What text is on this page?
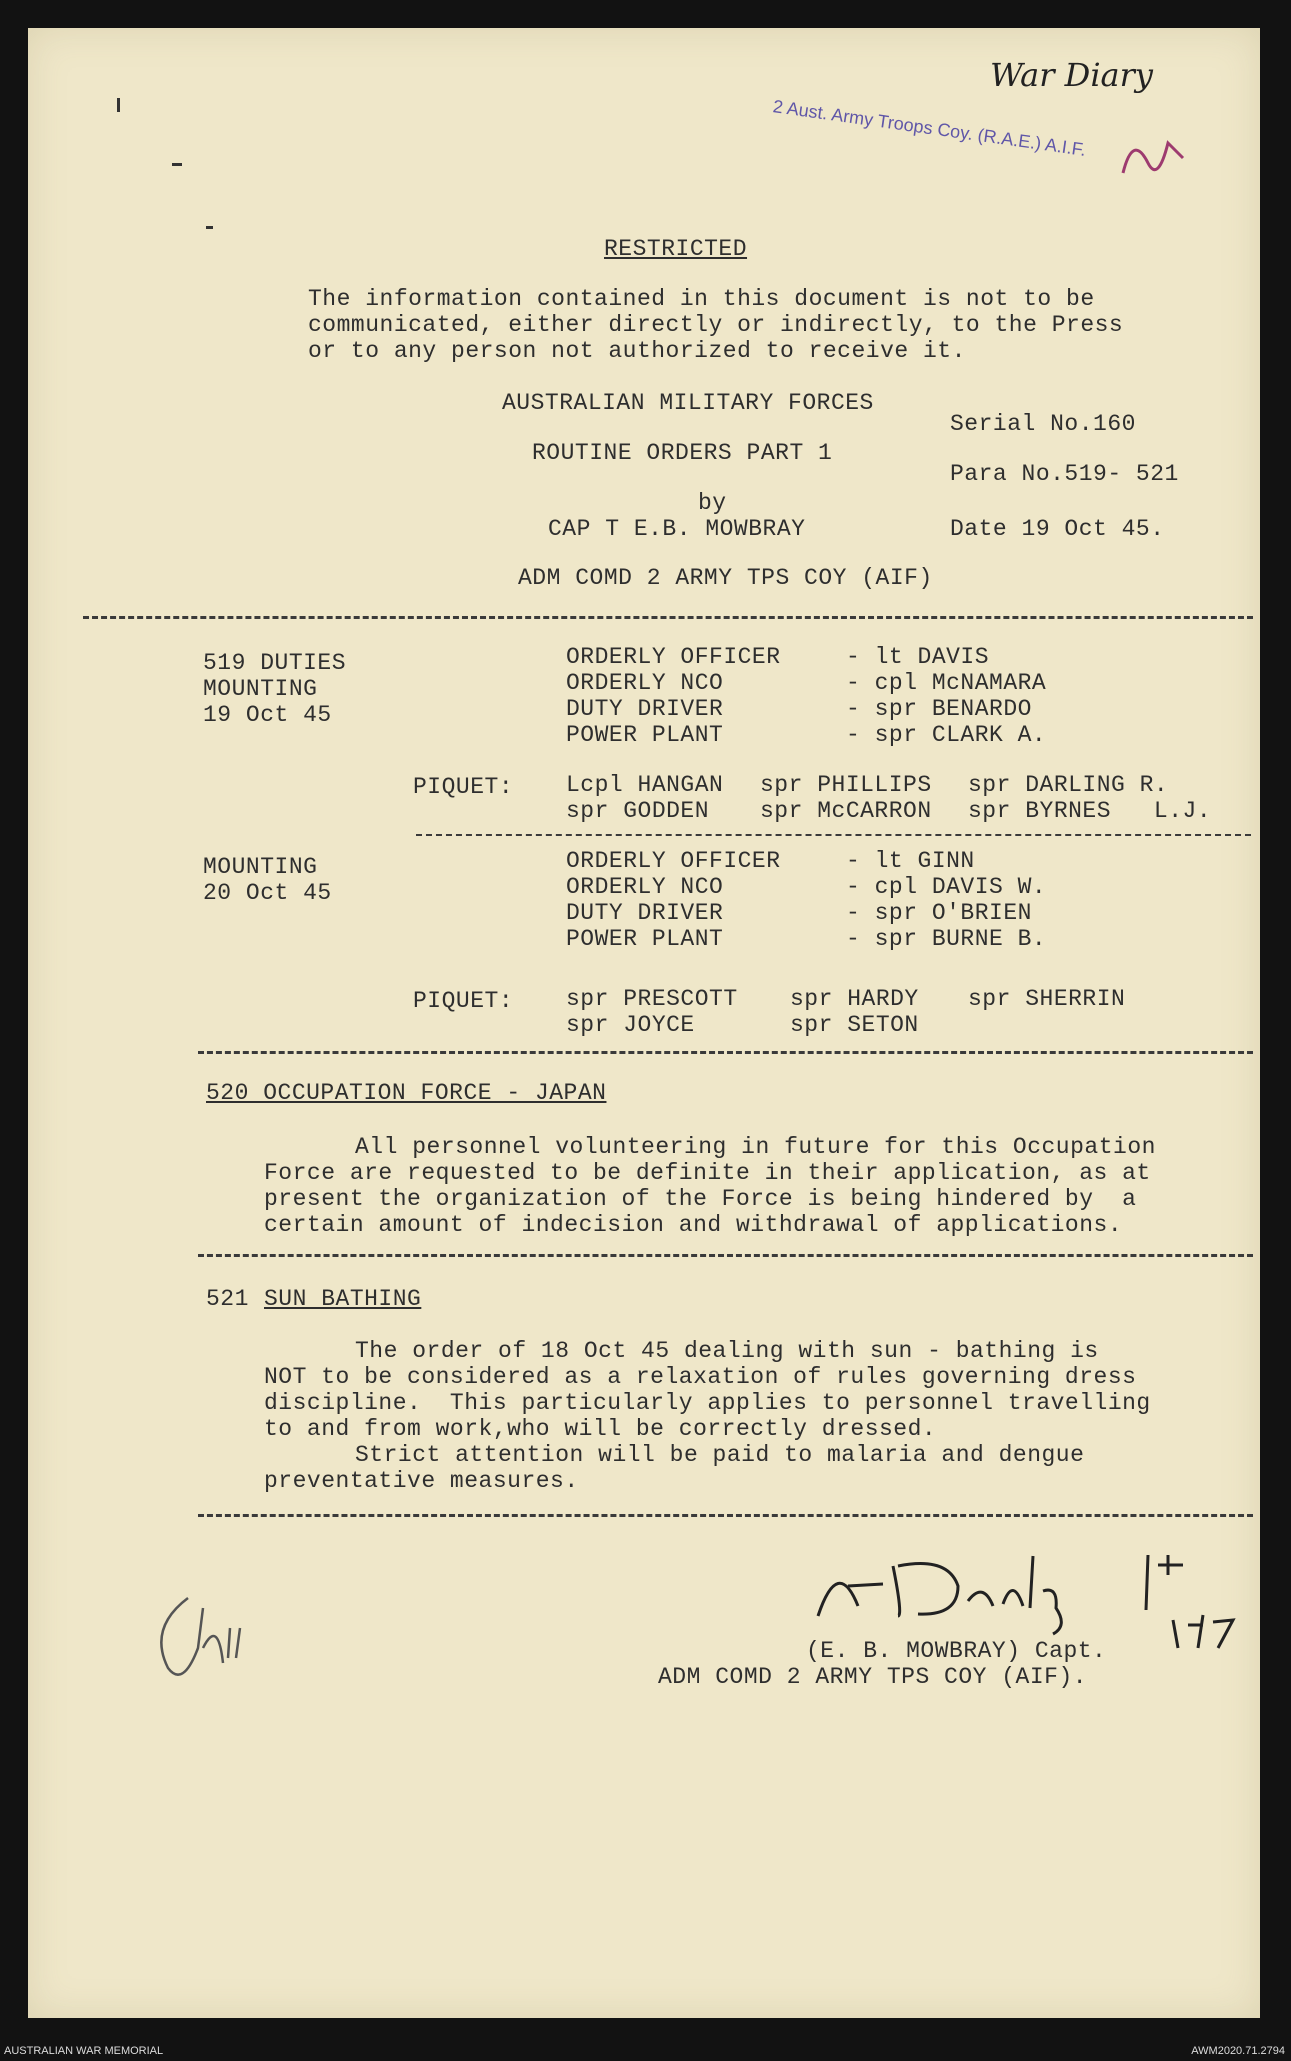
War Diary
2 Aust. Army Troops Coy. (R.A.E.) A.I.F.
RESTRICTED
The information contained in this document is not to be
communicated, either directly or indirectly, to the Press
or to any person not authorized to receive it.
AUSTRALIAN MILITARY FORCES
Serial No.160
ROUTINE ORDERS PART 1
Para No.519- 521
by
CAP T E.B. MOWBRAY	Date 19 Oct 45.
ADM COMD 2 ARMY TPS COY (AIF)
519 DUTIES
MOUNTING
19 Oct 45
ORDERLY OFFICER	- lt DAVIS
ORDERLY NCO	- cpl McNAMARA
DUTY DRIVER	- spr BENARDO
POWER PLANT	- spr CLARK A.
PIQUET: Lcpl HANGAN spr PHILLIPS spr DARLING R.
spr GODDEN spr McCARRON spr BYRNES   L.J.
MOUNTING
20 Oct 45
ORDERLY OFFICER	- lt GINN
ORDERLY NCO	- cpl DAVIS W.
DUTY DRIVER	- spr O'BRIEN
POWER PLANT	- spr BURNE B.
PIQUET: spr PRESCOTT spr HARDY spr SHERRIN
spr JOYCE	spr SETON
520 OCCUPATION FORCE - JAPAN
All personnel volunteering in future for this Occupation
Force are requested to be definite in their application, as at
present the organization of the Force is being hindered by  a
certain amount of indecision and withdrawal of applications.
521 SUN BATHING
The order of 18 Oct 45 dealing with sun - bathing is
NOT to be considered as a relaxation of rules governing dress
discipline.  This particularly applies to personnel travelling
to and from work,who will be correctly dressed.
Strict attention will be paid to malaria and dengue
preventative measures.
(E. B. MOWBRAY) Capt.
ADM COMD 2 ARMY TPS COY (AIF).
AUSTRALIAN WAR MEMORIAL	AWM2020.71.2794
